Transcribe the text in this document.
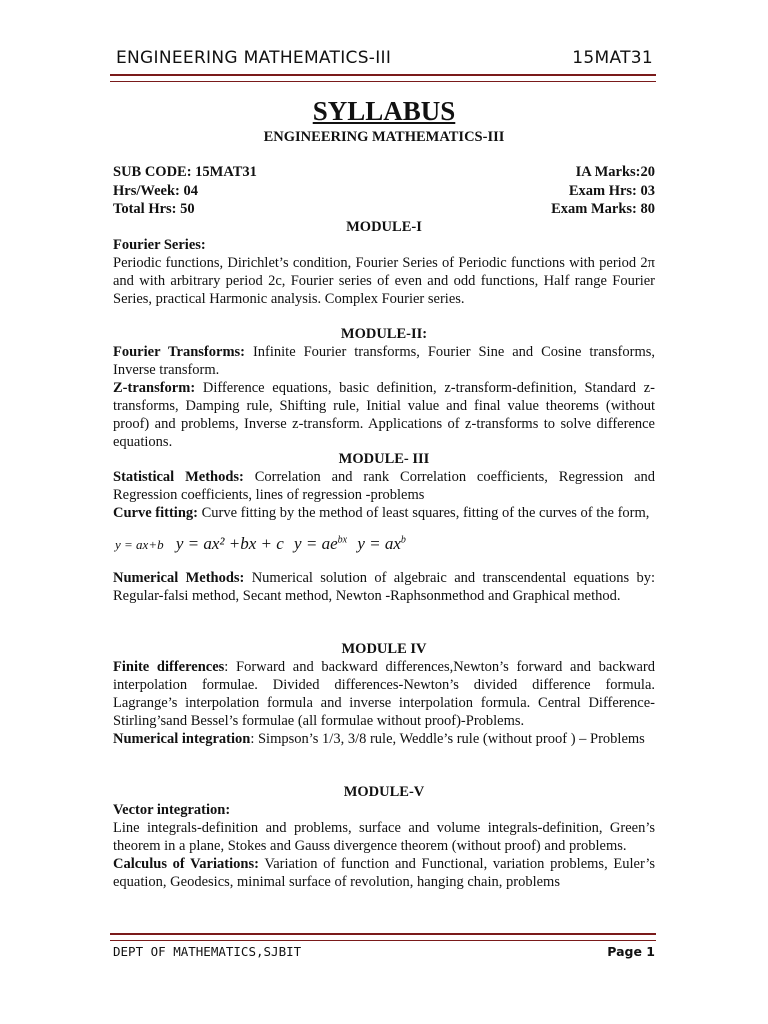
ENGINEERING MATHEMATICS-III	15MAT31
SYLLABUS
ENGINEERING MATHEMATICS-III
SUB CODE: 15MAT31	IA Marks:20
Hrs/Week: 04	Exam Hrs: 03
Total Hrs: 50	Exam Marks: 80
MODULE-I
Fourier Series:
Periodic functions, Dirichlet’s condition, Fourier Series of Periodic functions with period 2π and with arbitrary period 2c, Fourier series of even and odd functions, Half range Fourier Series, practical Harmonic analysis. Complex Fourier series.
MODULE-II:
Fourier Transforms: Infinite Fourier transforms, Fourier Sine and Cosine transforms, Inverse transform.
Z-transform: Difference equations, basic definition, z-transform-definition, Standard z-transforms, Damping rule, Shifting rule, Initial value and final value theorems (without proof) and problems, Inverse z-transform. Applications of z-transforms to solve difference equations.
MODULE- III
Statistical Methods: Correlation and rank Correlation coefficients, Regression and Regression coefficients, lines of regression -problems
Curve fitting: Curve fitting by the method of least squares, fitting of the curves of the form,
y = ax+b y = ax² +bx + c $y = ae^{bx}$ $y = ax^b$
Numerical Methods: Numerical solution of algebraic and transcendental equations by: Regular-falsi method, Secant method, Newton -Raphsonmethod and Graphical method.
MODULE IV
Finite differences: Forward and backward differences,Newton’s forward and backward interpolation formulae. Divided differences-Newton’s divided difference formula. Lagrange’s interpolation formula and inverse interpolation formula. Central Difference-Stirling’sand Bessel’s formulae (all formulae without proof)-Problems.
Numerical integration: Simpson’s 1/3, 3/8 rule, Weddle’s rule (without proof ) – Problems
MODULE-V
Vector integration:
Line integrals-definition and problems, surface and volume integrals-definition, Green’s theorem in a plane, Stokes and Gauss divergence theorem (without proof) and problems.
Calculus of Variations: Variation of function and Functional, variation problems, Euler’s equation, Geodesics, minimal surface of revolution, hanging chain, problems
DEPT OF MATHEMATICS,SJBIT	Page 1
